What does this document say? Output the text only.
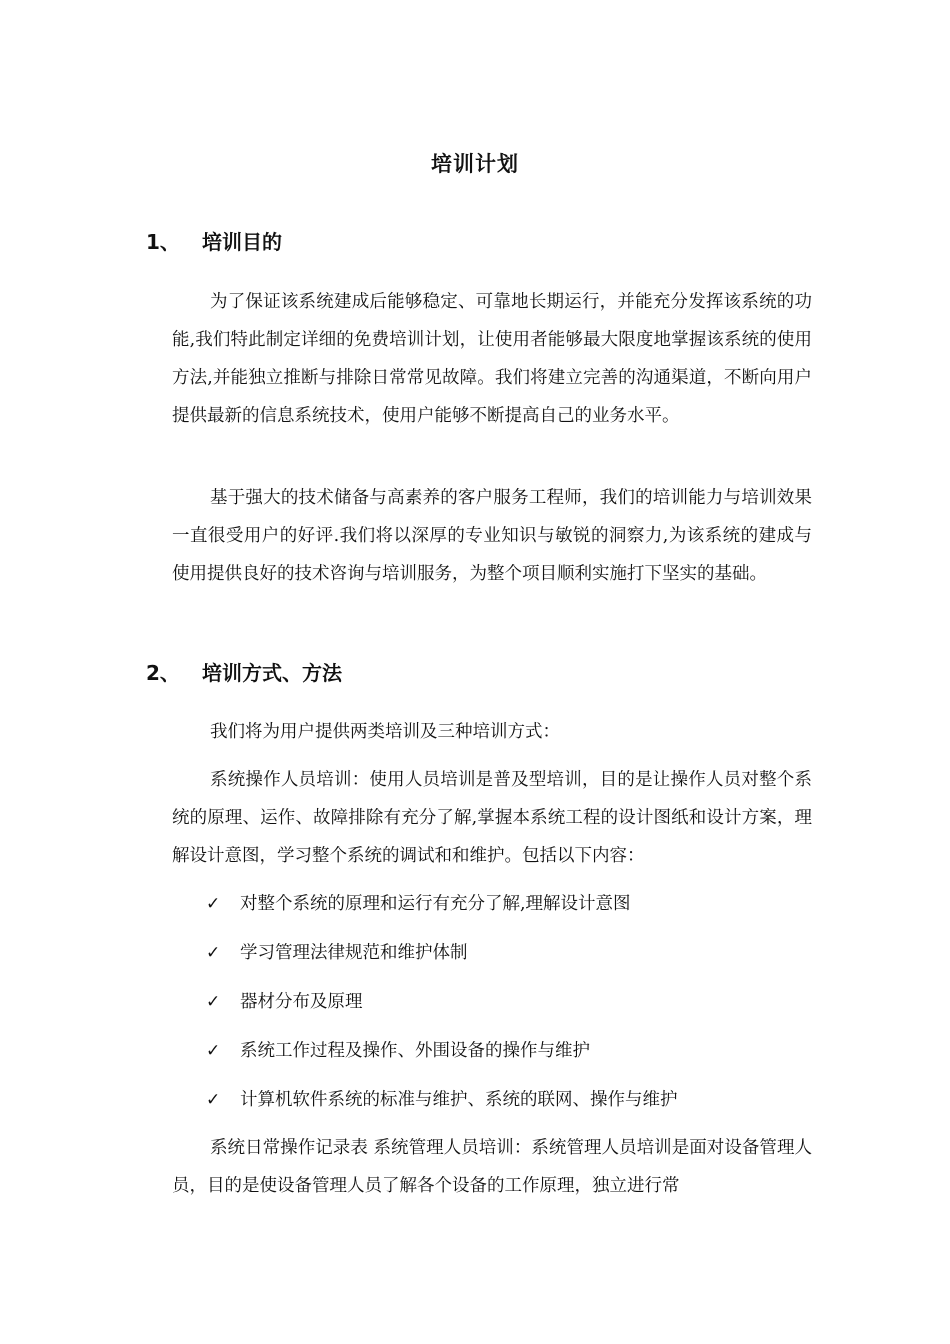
培训计划
1、 培训目的

为了保证该系统建成后能够稳定、可靠地长期运行，并能充分发挥该系统的功能,我们特此制定详细的免费培训计划，让使用者能够最大限度地掌握该系统的使用方法,并能独立推断与排除日常常见故障。我们将建立完善的沟通渠道，不断向用户提供最新的信息系统技术，使用户能够不断提高自己的业务水平。

基于强大的技术储备与高素养的客户服务工程师，我们的培训能力与培训效果一直很受用户的好评.我们将以深厚的专业知识与敏锐的洞察力,为该系统的建成与使用提供良好的技术咨询与培训服务，为整个项目顺利实施打下坚实的基础。

2、 培训方式、方法

我们将为用户提供两类培训及三种培训方式：

系统操作人员培训：使用人员培训是普及型培训，目的是让操作人员对整个系统的原理、运作、故障排除有充分了解,掌握本系统工程的设计图纸和设计方案，理解设计意图，学习整个系统的调试和和维护。包括以下内容：

✓ 对整个系统的原理和运行有充分了解,理解设计意图
✓ 学习管理法律规范和维护体制
✓ 器材分布及原理
✓ 系统工作过程及操作、外围设备的操作与维护
✓ 计算机软件系统的标准与维护、系统的联网、操作与维护

系统日常操作记录表 系统管理人员培训：系统管理人员培训是面对设备管理人员，目的是使设备管理人员了解各个设备的工作原理，独立进行常
